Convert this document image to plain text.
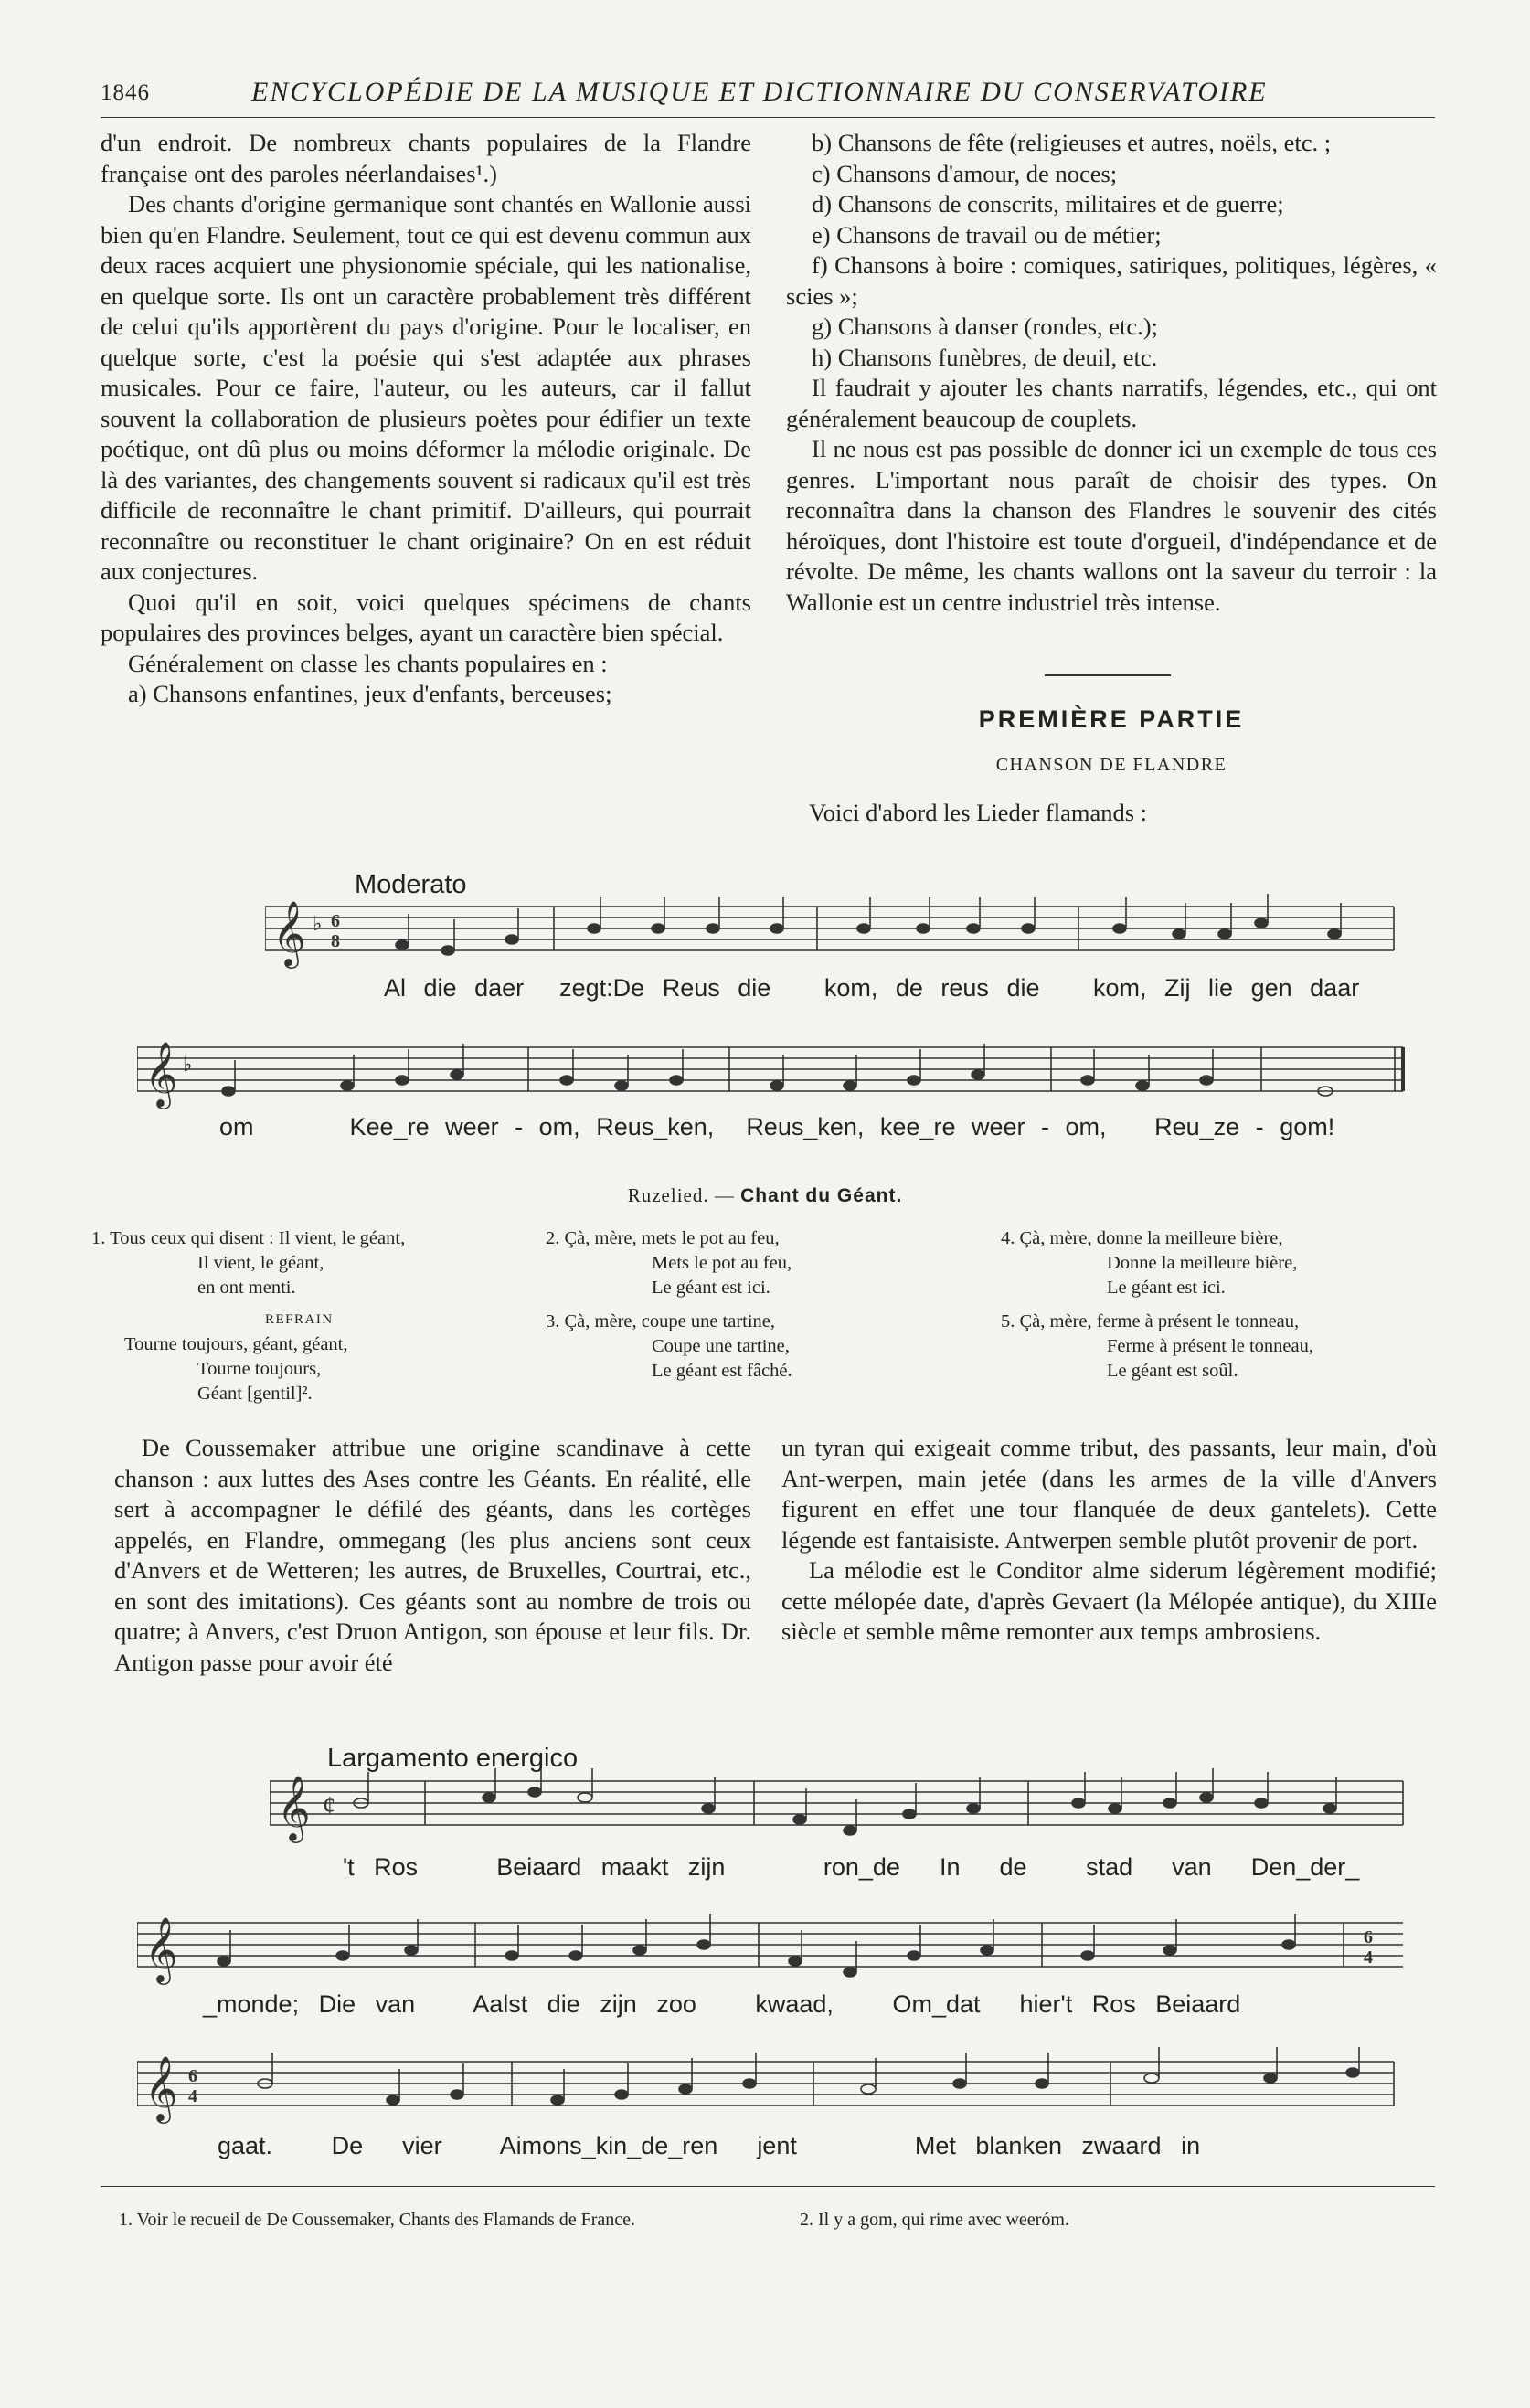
1846	ENCYCLOPÉDIE DE LA MUSIQUE ET DICTIONNAIRE DU CONSERVATOIRE

d'un endroit. De nombreux chants populaires de la Flandre française ont des paroles néerlandaises¹.)

Des chants d'origine germanique sont chantés en Wallonie aussi bien qu'en Flandre. Seulement, tout ce qui est devenu commun aux deux races acquiert une physionomie spéciale, qui les nationalise, en quelque sorte. Ils ont un caractère probablement très différent de celui qu'ils apportèrent du pays d'origine. Pour le localiser, en quelque sorte, c'est la poésie qui s'est adaptée aux phrases musicales. Pour ce faire, l'auteur, ou les auteurs, car il fallut souvent la collaboration de plusieurs poètes pour édifier un texte poétique, ont dû plus ou moins déformer la mélodie originale. De là des variantes, des changements souvent si radicaux qu'il est très difficile de reconnaître le chant primitif. D'ailleurs, qui pourrait reconnaître ou reconstituer le chant originaire? On en est réduit aux conjectures.

Quoi qu'il en soit, voici quelques spécimens de chants populaires des provinces belges, ayant un caractère bien spécial.

Généralement on classe les chants populaires en :

a) Chansons enfantines, jeux d'enfants, berceuses;

b) Chansons de fête (religieuses et autres, noëls, etc. ;

c) Chansons d'amour, de noces;

d) Chansons de conscrits, militaires et de guerre;

e) Chansons de travail ou de métier;

f) Chansons à boire : comiques, satiriques, politiques, légères, « scies »;

g) Chansons à danser (rondes, etc.);

h) Chansons funèbres, de deuil, etc.

Il faudrait y ajouter les chants narratifs, légendes, etc., qui ont généralement beaucoup de couplets.

Il ne nous est pas possible de donner ici un exemple de tous ces genres. L'important nous paraît de choisir des types. On reconnaîtra dans la chanson des Flandres le souvenir des cités héroïques, dont l'histoire est toute d'orgueil, d'indépendance et de révolte. De même, les chants wallons ont la saveur du terroir : la Wallonie est un centre industriel très intense.

PREMIÈRE PARTIE
CHANSON DE FLANDRE
Voici d'abord les Lieder flamands :
Moderato
𝄞 ♭ 6
8
Al die daer zegt:De Reus die kom, de reus die kom, Zij lie gen daar
𝄞 ♭
om	Kee_re weer - om, Reus_ken, Reus_ken, kee_re weer - om, Reu_ze - gom!
Ruzelied. — Chant du Géant.
1. Tous ceux qui disent : Il vient, le géant,
Il vient, le géant,
en ont menti.
REFRAIN
Tourne toujours, géant, géant,
Tourne toujours,
Géant [gentil]².
2. Çà, mère, mets le pot au feu,
Mets le pot au feu,
Le géant est ici.
3. Çà, mère, coupe une tartine,
Coupe une tartine,
Le géant est fâché.
4. Çà, mère, donne la meilleure bière,
Donne la meilleure bière,
Le géant est ici.
5. Çà, mère, ferme à présent le tonneau,
Ferme à présent le tonneau,
Le géant est soûl.

De Coussemaker attribue une origine scandinave à cette chanson : aux luttes des Ases contre les Géants. En réalité, elle sert à accompagner le défilé des géants, dans les cortèges appelés, en Flandre, ommegang (les plus anciens sont ceux d'Anvers et de Wetteren; les autres, de Bruxelles, Courtrai, etc., en sont des imitations). Ces géants sont au nombre de trois ou quatre; à Anvers, c'est Druon Antigon, son épouse et leur fils. Dr. Antigon passe pour avoir été

un tyran qui exigeait comme tribut, des passants, leur main, d'où Ant-werpen, main jetée (dans les armes de la ville d'Anvers figurent en effet une tour flanquée de deux gantelets). Cette légende est fantaisiste. Antwerpen semble plutôt provenir de port.

La mélodie est le Conditor alme siderum légèrement modifié; cette mélopée date, d'après Gevaert (la Mélopée antique), du XIIIe siècle et semble même remonter aux temps ambrosiens.

Largamento energico
𝄞 ¢
't Ros	Beiaard maakt zijn	ron_de In de stad van Den_der_
𝄞	6
4
_monde; Die van Aalst die zijn zoo kwaad, Om_dat hier't Ros Beiaard
𝄞 6
4
gaat. De vier Aimons_kin_de_ren jent	Met blanken zwaard in
1. Voir le recueil de De Coussemaker, Chants des Flamands de France.	2. Il y a gom, qui rime avec weeróm.
